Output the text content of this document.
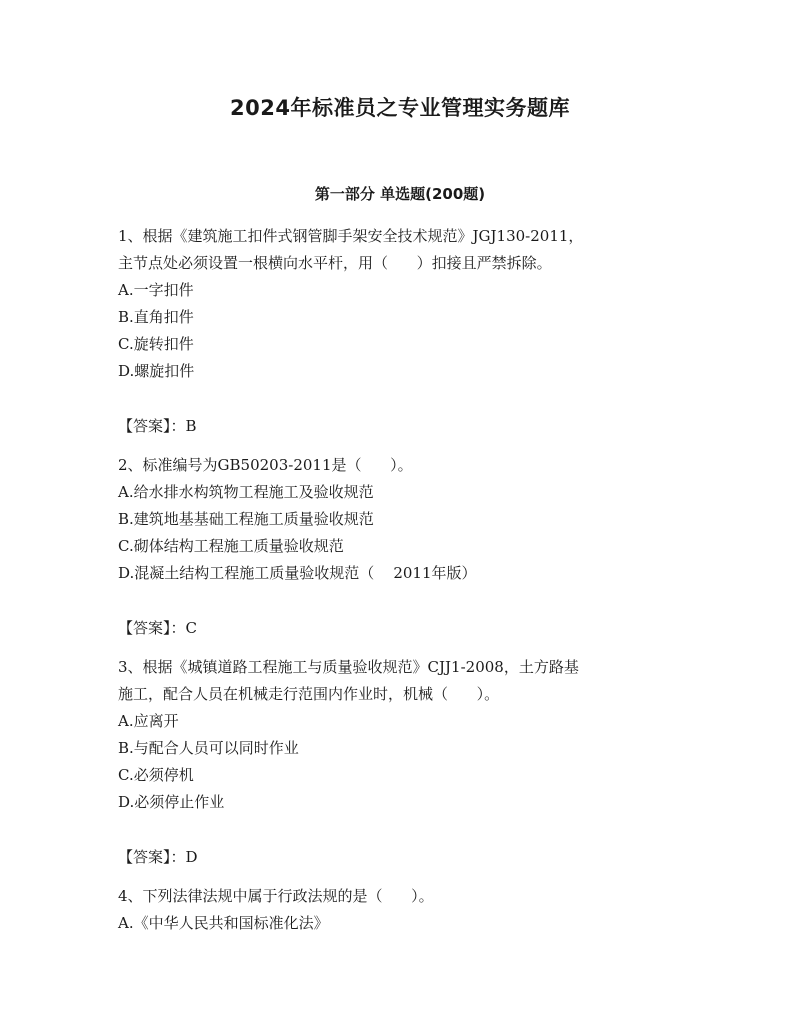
2024年标准员之专业管理实务题库
第一部分 单选题(200题)
1、根据《建筑施工扣件式钢管脚手架安全技术规范》JGJ130-2011，
主节点处必须设置一根横向水平杆，用（      ）扣接且严禁拆除。
A.一字扣件
B.直角扣件
C.旋转扣件
D.螺旋扣件
【答案】：B
2、标准编号为GB50203-2011是（      ）。
A.给水排水构筑物工程施工及验收规范
B.建筑地基基础工程施工质量验收规范
C.砌体结构工程施工质量验收规范
D.混凝土结构工程施工质量验收规范（    2011年版）
【答案】：C
3、根据《城镇道路工程施工与质量验收规范》CJJ1-2008，土方路基
施工，配合人员在机械走行范围内作业时，机械（      ）。
A.应离开
B.与配合人员可以同时作业
C.必须停机
D.必须停止作业
【答案】：D
4、下列法律法规中属于行政法规的是（      ）。
A.《中华人民共和国标准化法》
